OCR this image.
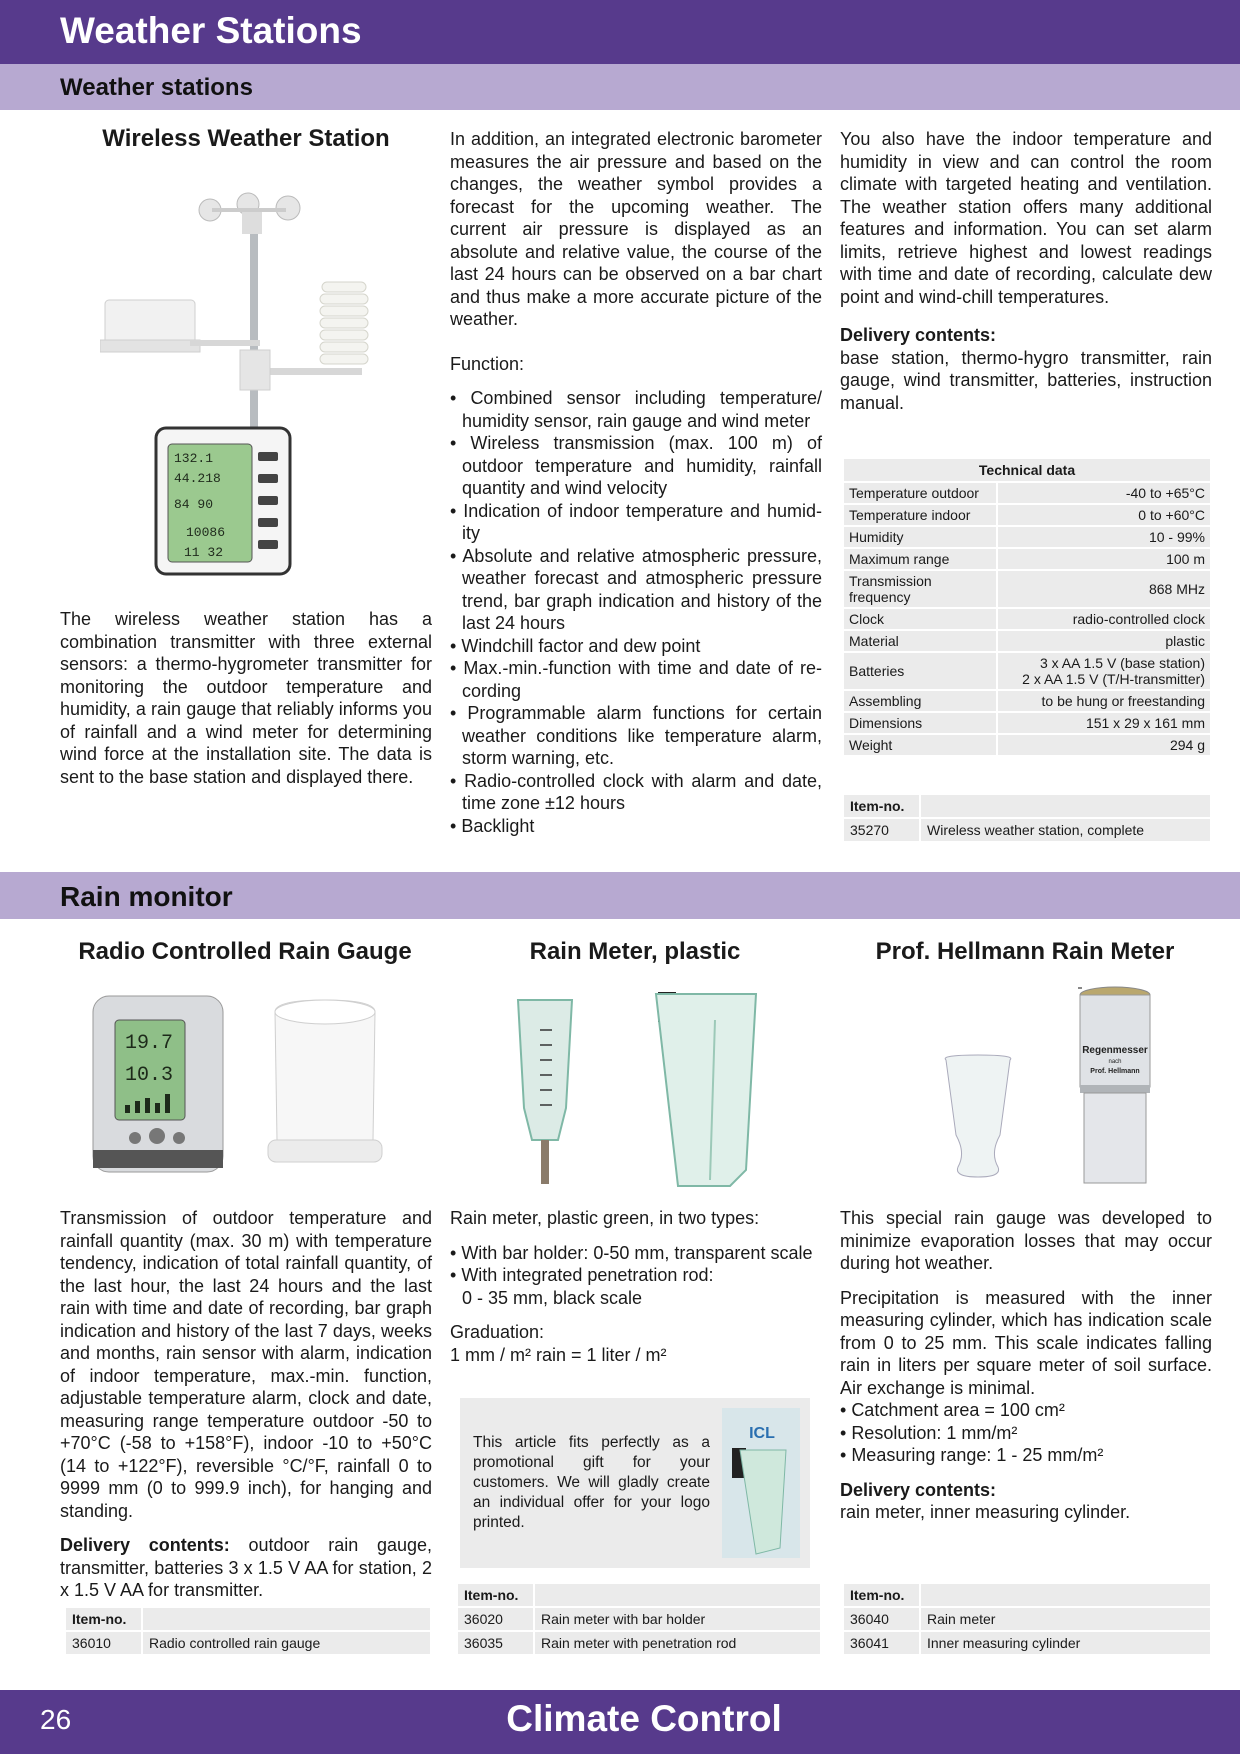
Weather Stations
Weather stations
Wireless Weather Station
132.1
44.218
84 90
10086
11 32

The wireless weather station has a combination transmitter with three external sensors: a thermo-hygrometer transmitter for monitoring the outdoor temperature and humidity, a rain gauge that reliably informs you of rainfall and a wind meter for determining wind force at the installation site. The data is sent to the base station and displayed there.

In addition, an integrated electronic barometer measures the air pressure and based on the changes, the weather symbol provides a forecast for the upcoming weather. The current air pressure is displayed as an absolute and relative value, the course of the last 24 hours can be observed on a bar chart and thus make a more accurate picture of the weather.

Function:

• Combined sensor including temperature/ humidity sensor, rain gauge and wind meter
• Wireless transmission (max. 100 m) of outdoor temperature and humidity, rainfall quantity and wind velocity
• Indication of indoor temperature and humid-ity
• Absolute and relative atmospheric pressure, weather forecast and atmospheric pressure trend, bar graph indication and history of the last 24 hours
• Windchill factor and dew point
• Max.-min.-function with time and date of re-cording
• Programmable alarm functions for certain weather conditions like temperature alarm, storm warning, etc.
• Radio-controlled clock with alarm and date, time zone ±12 hours
• Backlight

You also have the indoor temperature and humidity in view and can control the room climate with targeted heating and ventilation. The weather station offers many additional features and information. You can set alarm limits, retrieve highest and lowest readings with time and date of recording, calculate dew point and wind-chill temperatures.

Delivery contents:

base station, thermo-hygro transmitter, rain gauge, wind transmitter, batteries, instruction manual.

Technical data	
Temperature outdoor	-40 to +65°C
Temperature indoor	0 to +60°C
Humidity	10 - 99%
Maximum range	100 m
Transmission frequency	868 MHz
Clock	radio-controlled clock
Material	plastic
Batteries	3 x AA 1.5 V (base station)
2 x AA 1.5 V (T/H-transmitter)
Assembling	to be hung or freestanding
Dimensions	151 x 29 x 161 mm
Weight	294 g
Item-no.	
35270	Wireless weather station, complete
Rain monitor
Radio Controlled Rain Gauge	Rain Meter, plastic	Prof. Hellmann Rain Meter
19.7
10.3
Regenmesser
nach
Prof. Hellmann

Transmission of outdoor temperature and rainfall quantity (max. 30 m) with temperature tendency, indication of total rainfall quantity, of the last hour, the last 24 hours and the last rain with time and date of recording, bar graph indication and history of the last 7 days, weeks and months, rain sensor with alarm, indication of indoor temperature, max.-min. function, adjustable temperature alarm, clock and date, measuring range temperature outdoor -50 to +70°C (-58 to +158°F), indoor -10 to +50°C (14 to +122°F), reversible °C/°F, rainfall 0 to 9999 mm (0 to 999.9 inch), for hanging and standing.

Delivery contents: outdoor rain gauge, transmitter, batteries 3 x 1.5 V AA for station, 2 x 1.5 V AA for transmitter.

Item-no.	
36010	Radio controlled rain gauge

Rain meter, plastic green, in two types:

• With bar holder: 0-50 mm, transparent scale
• With integrated penetration rod:
0 - 35 mm, black scale

Graduation:

1 mm / m² rain = 1 liter / m²

This article fits perfectly as a promotional gift for your customers. We will gladly create an individual offer for your logo printed.

ICL
Item-no.	
36020	Rain meter with bar holder
36035	Rain meter with penetration rod

This special rain gauge was developed to minimize evaporation losses that may occur during hot weather.

Precipitation is measured with the inner measuring cylinder, which has indication scale from 0 to 25 mm. This scale indicates falling rain in liters per square meter of soil surface. Air exchange is minimal.

• Catchment area = 100 cm²
• Resolution: 1 mm/m²
• Measuring range: 1 - 25 mm/m²

Delivery contents:

rain meter, inner measuring cylinder.

Item-no.	
36040	Rain meter
36041	Inner measuring cylinder
26	Climate Control
